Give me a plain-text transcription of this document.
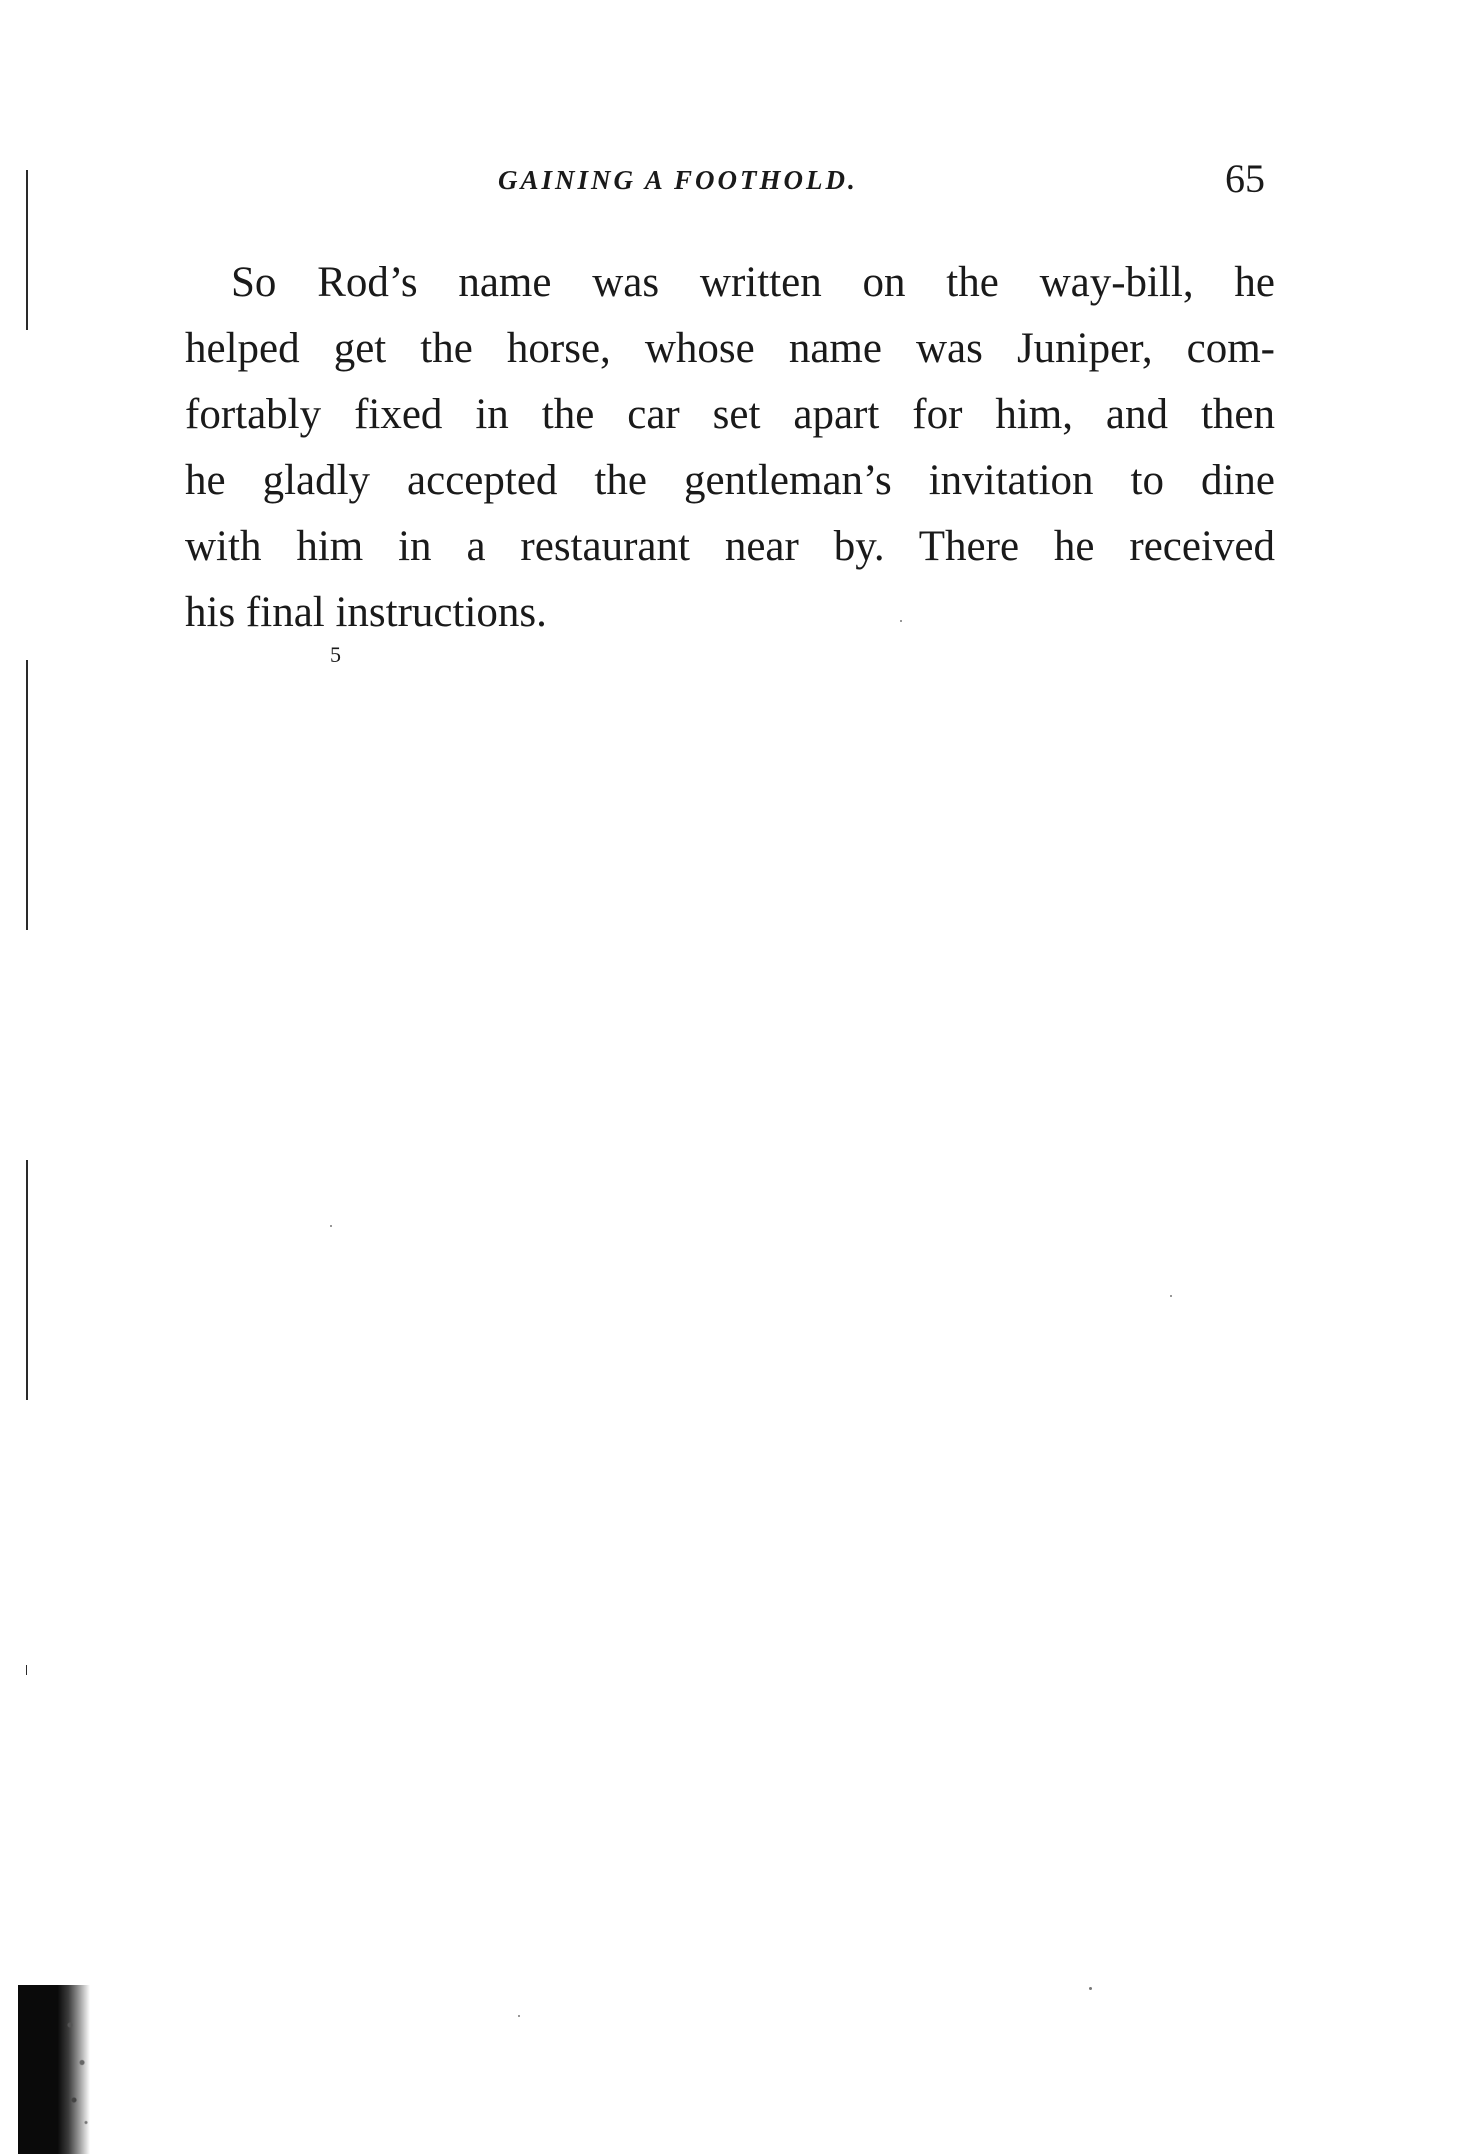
GAINING A FOOTHOLD.	65
So Rod’s name was written on the way-bill, he
helped get the horse, whose name was Juniper, com-
fortably fixed in the car set apart for him, and then
he gladly accepted the gentleman’s invitation to dine
with him in a restaurant near by. There he received
his final instructions.
5
